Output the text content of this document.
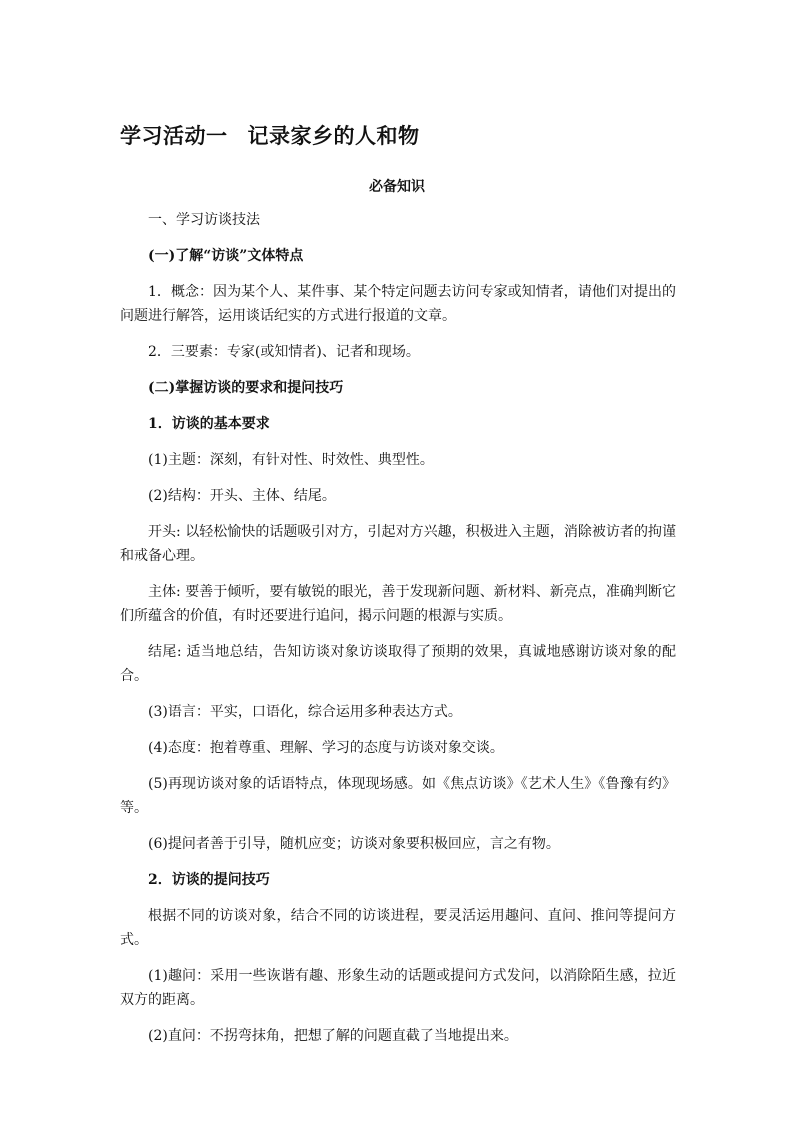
学习活动一 记录家乡的人和物
必备知识

一、学习访谈技法

(一)了解“访谈”文体特点

1．概念：因为某个人、某件事、某个特定问题去访问专家或知情者，请他们对提出的问题进行解答，运用谈话纪实的方式进行报道的文章。

2．三要素：专家(或知情者)、记者和现场。

(二)掌握访谈的要求和提问技巧

1．访谈的基本要求

(1)主题：深刻，有针对性、时效性、典型性。

(2)结构：开头、主体、结尾。

开头: 以轻松愉快的话题吸引对方，引起对方兴趣，积极进入主题，消除被访者的拘谨和戒备心理。

主体: 要善于倾听，要有敏锐的眼光，善于发现新问题、新材料、新亮点，准确判断它们所蕴含的价值，有时还要进行追问，揭示问题的根源与实质。

结尾: 适当地总结，告知访谈对象访谈取得了预期的效果，真诚地感谢访谈对象的配合。

(3)语言：平实，口语化，综合运用多种表达方式。

(4)态度：抱着尊重、理解、学习的态度与访谈对象交谈。

(5)再现访谈对象的话语特点，体现现场感。如《焦点访谈》《艺术人生》《鲁豫有约》等。

(6)提问者善于引导，随机应变；访谈对象要积极回应，言之有物。

2．访谈的提问技巧

根据不同的访谈对象，结合不同的访谈进程，要灵活运用趣问、直问、推问等提问方式。

(1)趣问：采用一些诙谐有趣、形象生动的话题或提问方式发问，以消除陌生感，拉近双方的距离。

(2)直问：不拐弯抹角，把想了解的问题直截了当地提出来。
